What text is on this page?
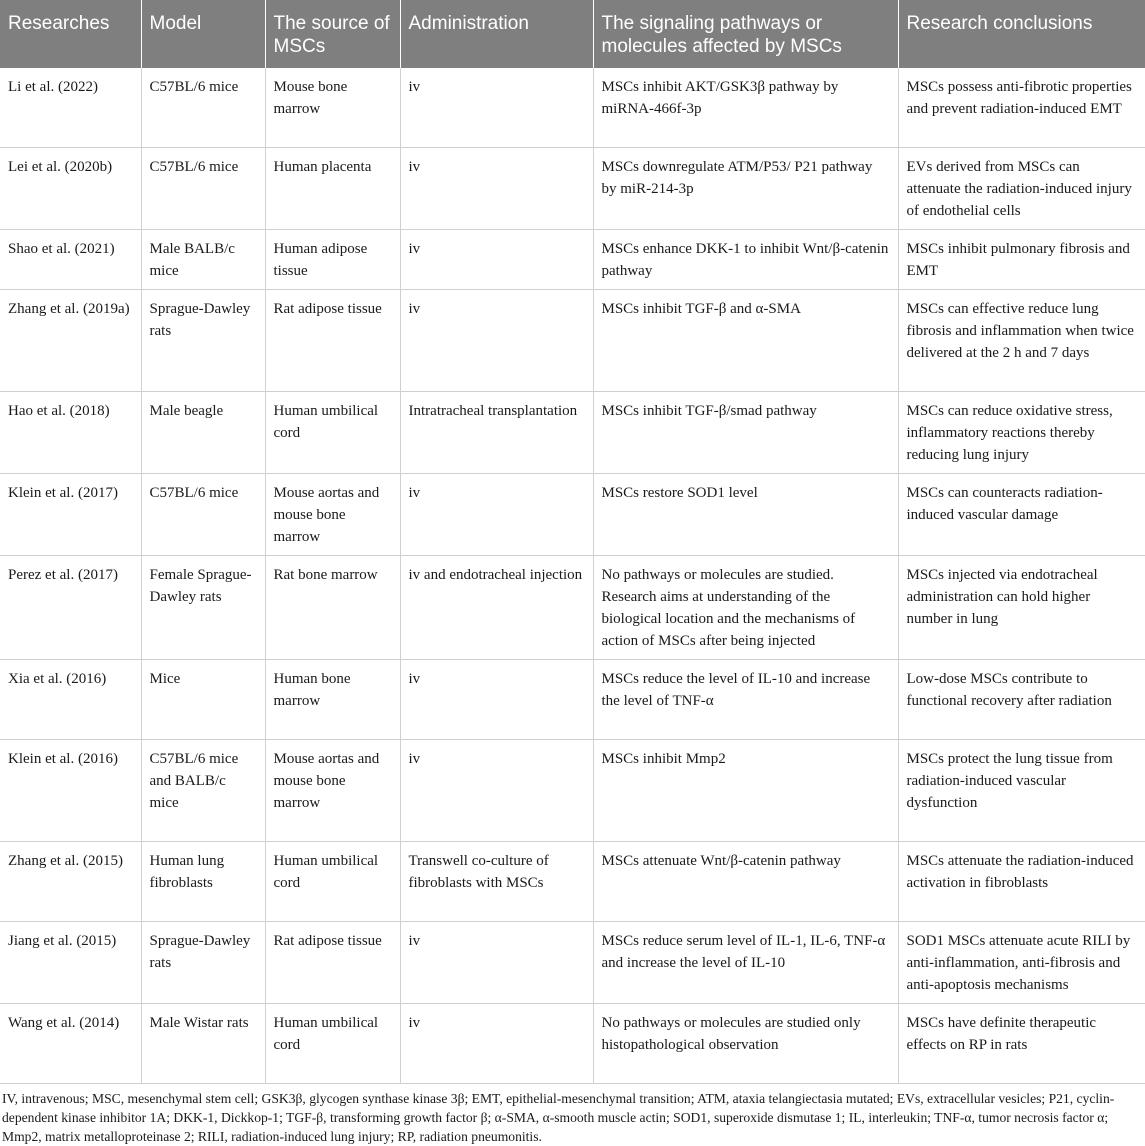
Researches	Model	The source of MSCs	Administration	The signaling pathways or molecules affected by MSCs	Research conclusions
Li et al. (2022)	C57BL/6 mice	Mouse bone marrow	iv	MSCs inhibit AKT/GSK3β pathway by miRNA-466f-3p	MSCs possess anti-fibrotic properties and prevent radiation-induced EMT
Lei et al. (2020b)	C57BL/6 mice	Human placenta	iv	MSCs downregulate ATM/P53/ P21 pathway by miR-214-3p	EVs derived from MSCs can attenuate the radiation-induced injury of endothelial cells
Shao et al. (2021)	Male BALB/c mice	Human adipose tissue	iv	MSCs enhance DKK-1 to inhibit Wnt/β-catenin pathway	MSCs inhibit pulmonary fibrosis and EMT
Zhang et al. (2019a)	Sprague-Dawley rats	Rat adipose tissue	iv	MSCs inhibit TGF-β and α-SMA	MSCs can effective reduce lung fibrosis and inflammation when twice delivered at the 2 h and 7 days
Hao et al. (2018)	Male beagle	Human umbilical cord	Intratracheal transplantation	MSCs inhibit TGF-β/smad pathway	MSCs can reduce oxidative stress, inflammatory reactions thereby reducing lung injury
Klein et al. (2017)	C57BL/6 mice	Mouse aortas and mouse bone marrow	iv	MSCs restore SOD1 level	MSCs can counteracts radiation-induced vascular damage
Perez et al. (2017)	Female Sprague-Dawley rats	Rat bone marrow	iv and endotracheal injection	No pathways or molecules are studied. Research aims at understanding of the biological location and the mechanisms of action of MSCs after being injected	MSCs injected via endotracheal administration can hold higher number in lung
Xia et al. (2016)	Mice	Human bone marrow	iv	MSCs reduce the level of IL-10 and increase the level of TNF-α	Low-dose MSCs contribute to functional recovery after radiation
Klein et al. (2016)	C57BL/6 mice and BALB/c mice	Mouse aortas and mouse bone marrow	iv	MSCs inhibit Mmp2	MSCs protect the lung tissue from radiation-induced vascular dysfunction
Zhang et al. (2015)	Human lung fibroblasts	Human umbilical cord	Transwell co-culture of fibroblasts with MSCs	MSCs attenuate Wnt/β-catenin pathway	MSCs attenuate the radiation-induced activation in fibroblasts
Jiang et al. (2015)	Sprague-Dawley rats	Rat adipose tissue	iv	MSCs reduce serum level of IL-1, IL-6, TNF-α and increase the level of IL-10	SOD1 MSCs attenuate acute RILI by anti-inflammation, anti-fibrosis and anti-apoptosis mechanisms
Wang et al. (2014)	Male Wistar rats	Human umbilical cord	iv	No pathways or molecules are studied only histopathological observation	MSCs have definite therapeutic effects on RP in rats
IV, intravenous; MSC, mesenchymal stem cell; GSK3β, glycogen synthase kinase 3β; EMT, epithelial-mesenchymal transition; ATM, ataxia telangiectasia mutated; EVs, extracellular vesicles; P21, cyclin-dependent kinase inhibitor 1A; DKK-1, Dickkop-1; TGF-β, transforming growth factor β; α-SMA, α-smooth muscle actin; SOD1, superoxide dismutase 1; IL, interleukin; TNF-α, tumor necrosis factor α; Mmp2, matrix metalloproteinase 2; RILI, radiation-induced lung injury; RP, radiation pneumonitis.
